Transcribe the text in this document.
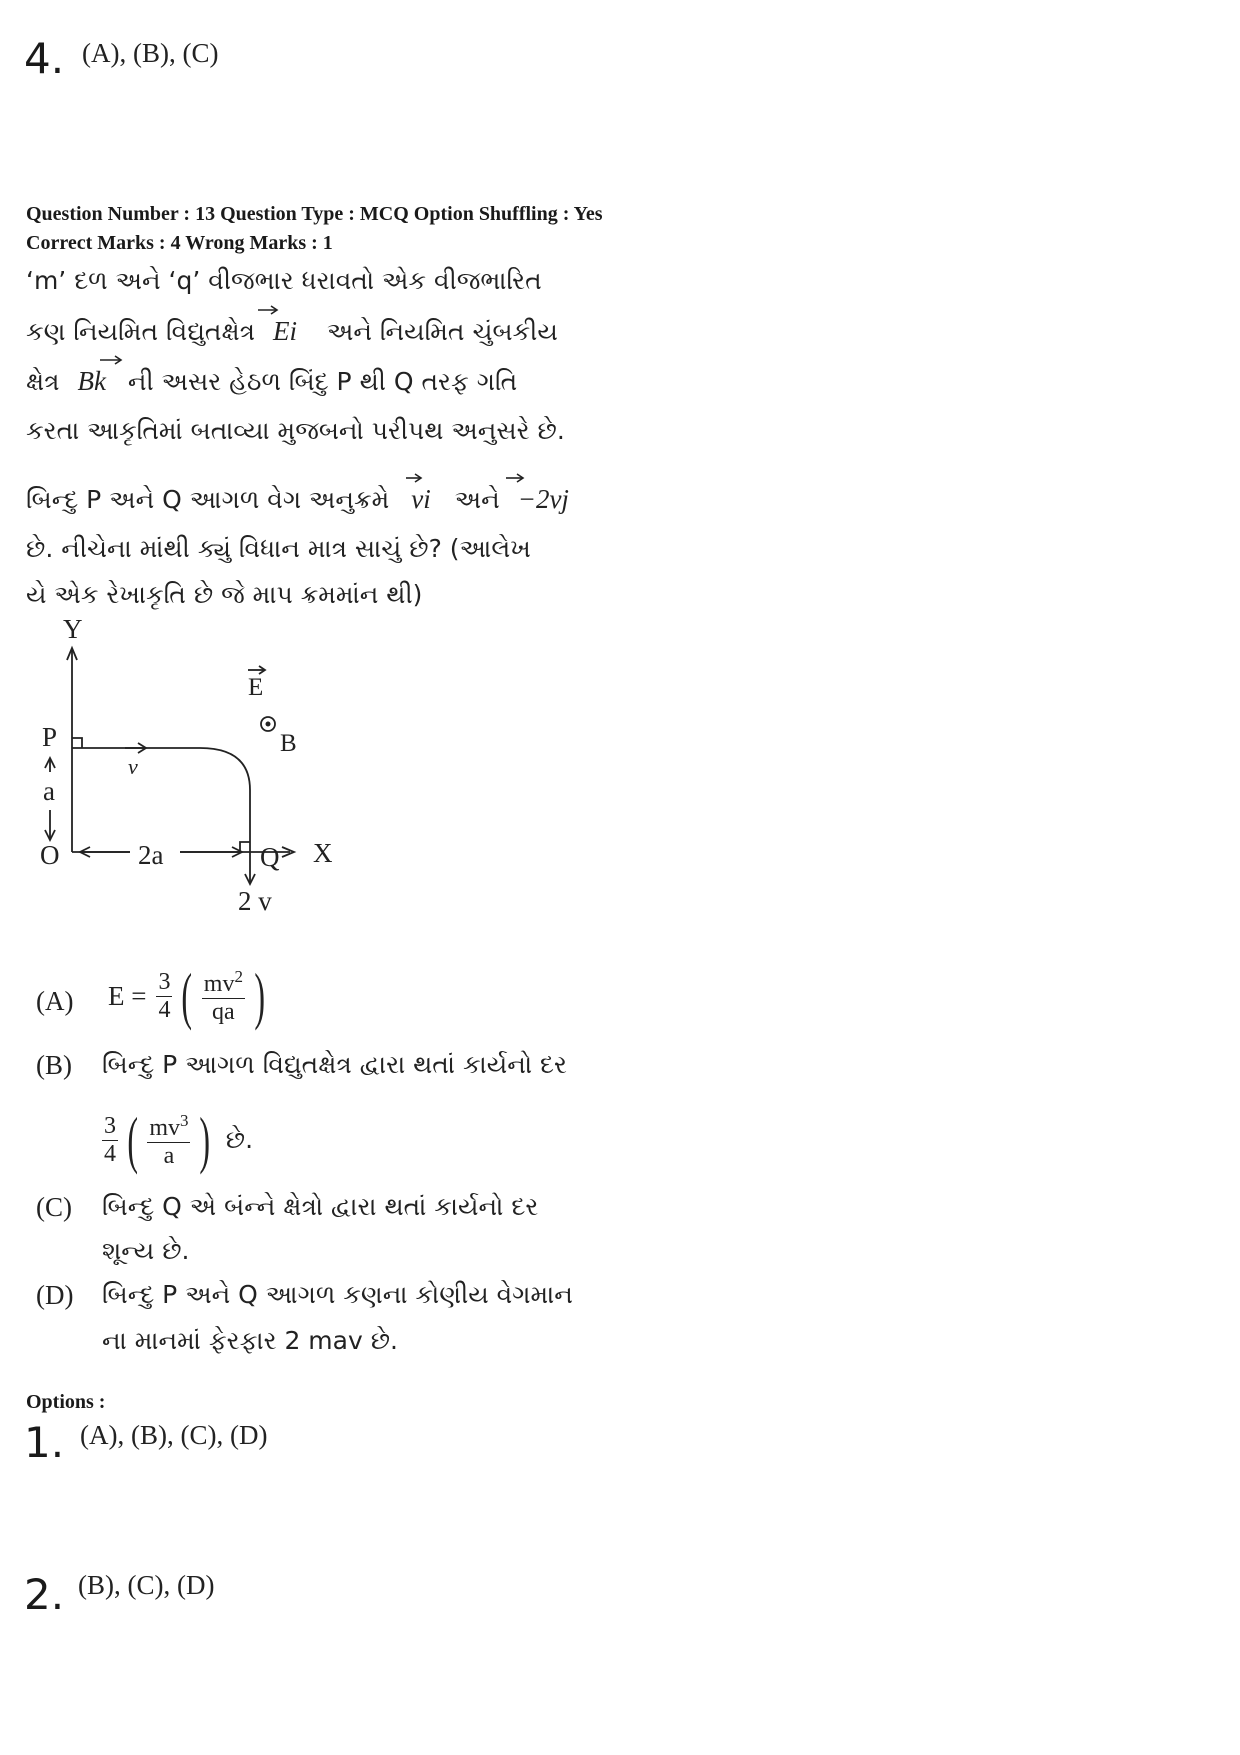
4. (A), (B), (C)
Question Number : 13 Question Type : MCQ Option Shuffling : Yes
Correct Marks : 4 Wrong Marks : 1
‘m’ દળ અને ‘q’ વીજભાર ધરાવતો એક વીજભારિત
કણ નિયમિત વિદ્યુતક્ષેત્ર Ei અને નિયમિત ચુંબકીય
ક્ષેત્ર Bk ની અસર હેઠળ બિંદુ P થી Q તરફ ગતિ
કરતા આકૃતિમાં બતાવ્યા મુજબનો પરીપથ અનુસરે છે.
બિન્દુ P અને Q આગળ વેગ અનુક્રમે vi અને −2vj
છે. નીચેના માંથી ક્યું વિધાન માત્ર સાચું છે? (આલેખ
યે એક રેખાકૃતિ છે જે માપ ક્રમમાંન થી)
Y
X
O
P
Q
a
2a
v
2 v
E
B
(A) $E = \frac{3}{4}$ ( $\frac{mv^2}{qa}$ )
(B) બિન્દુ P આગળ વિદ્યુતક્ષેત્ર દ્વારા થતાં કાર્યનો દર
$\frac{3}{4}$ ( $\frac{mv^3}{a}$ ) છે.
(C) બિન્દુ Q એ બંન્ને ક્ષેત્રો દ્વારા થતાં કાર્યનો દર
શૂન્ય છે.
(D) બિન્દુ P અને Q આગળ કણના કોણીય વેગમાન
ના માનમાં ફેરફાર 2 mav છે.
Options :
1. (A), (B), (C), (D)
2. (B), (C), (D)
